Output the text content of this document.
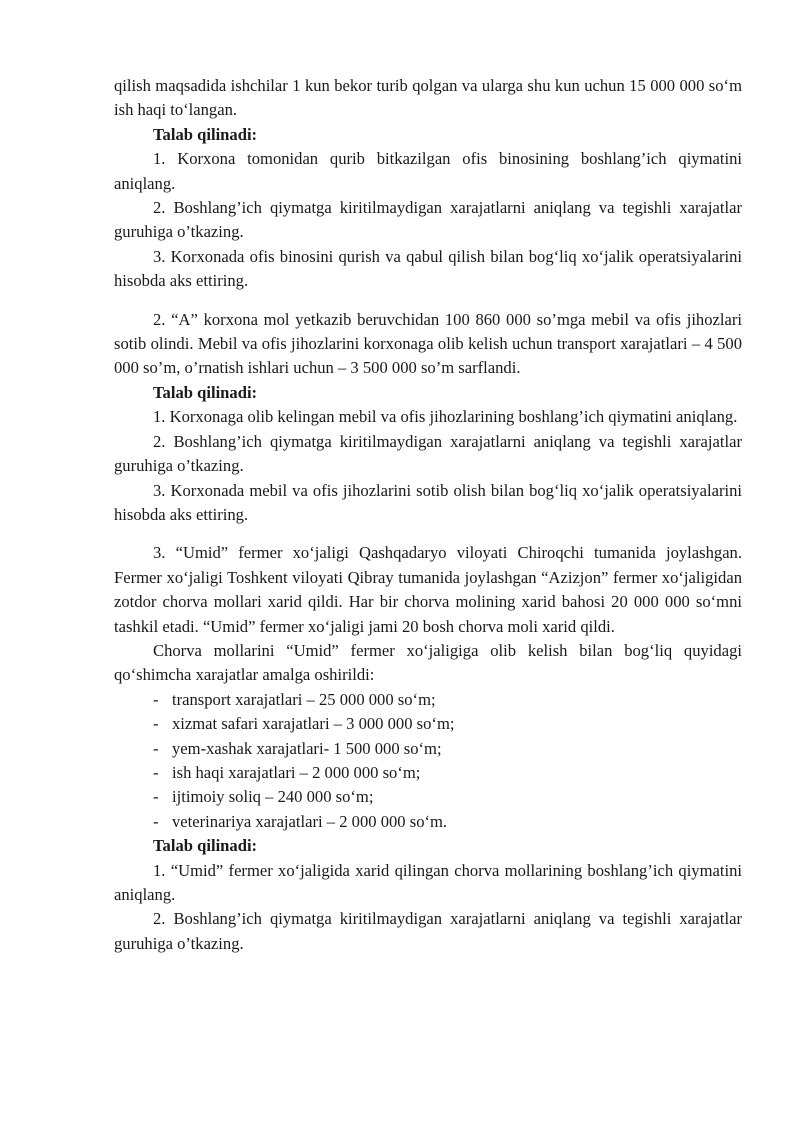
qilish maqsadida ishchilar 1 kun bekor turib qolgan va ularga shu kun uchun 15 000 000 so‘m ish haqi to‘langan.

Talab qilinadi:

1. Korxona tomonidan qurib bitkazilgan ofis binosining boshlang’ich qiymatini aniqlang.

2. Boshlang’ich qiymatga kiritilmaydigan xarajatlarni aniqlang va tegishli xarajatlar guruhiga o’tkazing.

3. Korxonada ofis binosini qurish va qabul qilish bilan bog‘liq xo‘jalik operatsiyalarini hisobda aks ettiring.

2. “A” korxona mol yetkazib beruvchidan 100 860 000 so’mga mebil va ofis jihozlari sotib olindi. Mebil va ofis jihozlarini korxonaga olib kelish uchun transport xarajatlari – 4 500 000 so’m, o’rnatish ishlari uchun – 3 500 000 so’m sarflandi.

Talab qilinadi:

1. Korxonaga olib kelingan mebil va ofis jihozlarining boshlang’ich qiymatini aniqlang.

2. Boshlang’ich qiymatga kiritilmaydigan xarajatlarni aniqlang va tegishli xarajatlar guruhiga o’tkazing.

3. Korxonada mebil va ofis jihozlarini sotib olish bilan bog‘liq xo‘jalik operatsiyalarini hisobda aks ettiring.

3. “Umid” fermer xo‘jaligi Qashqadaryo viloyati Chiroqchi tumanida joylashgan. Fermer xo‘jaligi Toshkent viloyati Qibray tumanida joylashgan “Azizjon” fermer xo‘jaligidan zotdor chorva mollari xarid qildi. Har bir chorva molining xarid bahosi 20 000 000 so‘mni tashkil etadi. “Umid” fermer xo‘jaligi jami 20 bosh chorva moli xarid qildi.

Chorva mollarini “Umid” fermer xo‘jaligiga olib kelish bilan bog‘liq quyidagi qo‘shimcha xarajatlar amalga oshirildi:

- transport xarajatlari – 25 000 000 so‘m;
- xizmat safari xarajatlari – 3 000 000 so‘m;
- yem-xashak xarajatlari- 1 500 000 so‘m;
- ish haqi xarajatlari – 2 000 000 so‘m;
- ijtimoiy soliq – 240 000 so‘m;
- veterinariya xarajatlari – 2 000 000 so‘m.

Talab qilinadi:

1. “Umid” fermer xo‘jaligida xarid qilingan chorva mollarining boshlang’ich qiymatini aniqlang.

2. Boshlang’ich qiymatga kiritilmaydigan xarajatlarni aniqlang va tegishli xarajatlar guruhiga o’tkazing.
